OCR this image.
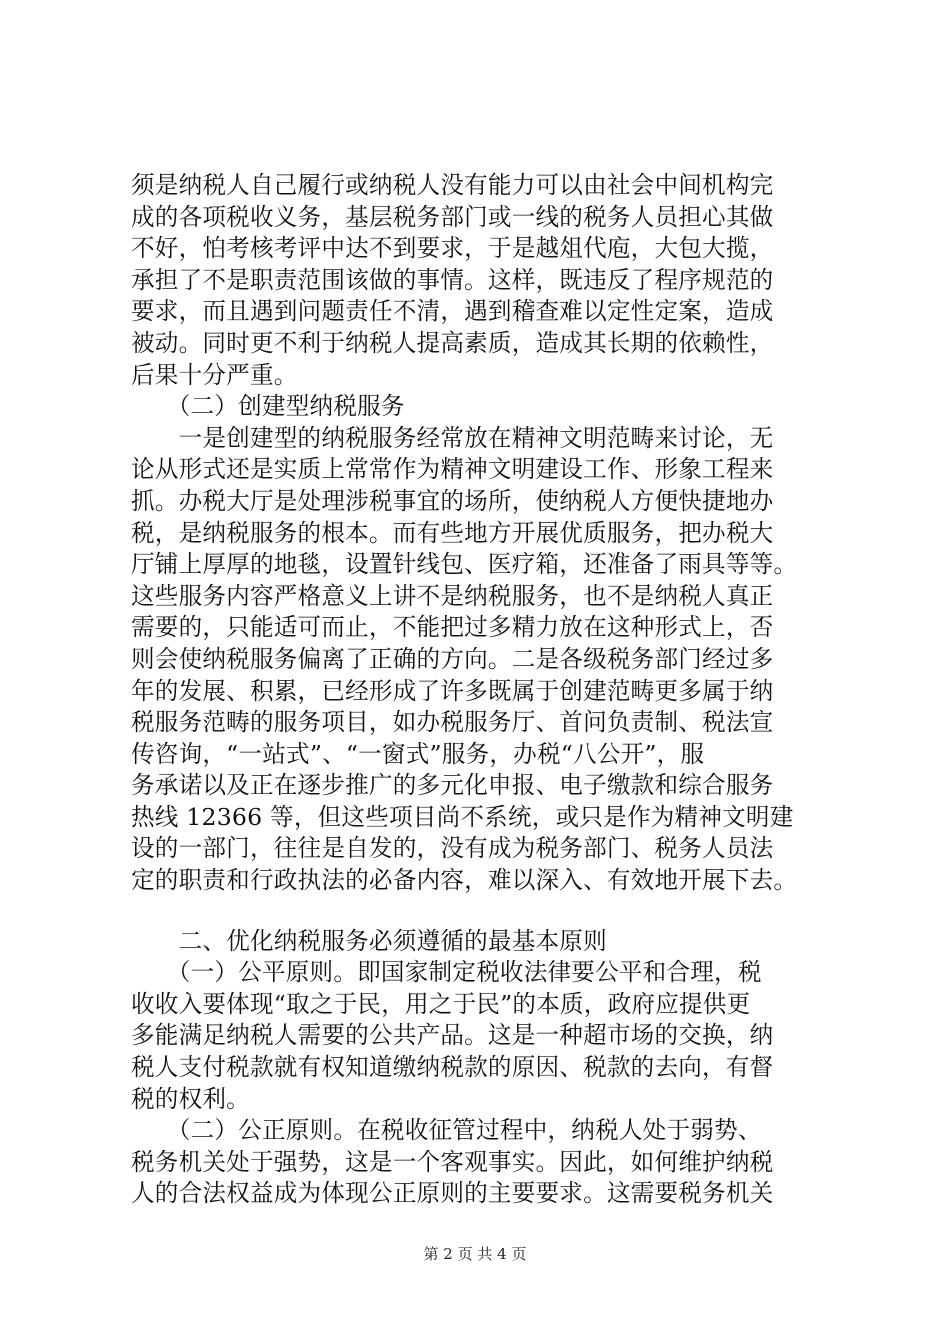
须是纳税人自己履行或纳税人没有能力可以由社会中间机构完
成的各项税收义务，基层税务部门或一线的税务人员担心其做
不好，怕考核考评中达不到要求，于是越俎代庖，大包大揽，
承担了不是职责范围该做的事情。这样，既违反了程序规范的
要求，而且遇到问题责任不清，遇到稽查难以定性定案，造成
被动。同时更不利于纳税人提高素质，造成其长期的依赖性，
后果十分严重。
　　（二）创建型纳税服务
　　一是创建型的纳税服务经常放在精神文明范畴来讨论，无
论从形式还是实质上常常作为精神文明建设工作、形象工程来
抓。办税大厅是处理涉税事宜的场所，使纳税人方便快捷地办
税，是纳税服务的根本。而有些地方开展优质服务，把办税大
厅铺上厚厚的地毯，设置针线包、医疗箱，还准备了雨具等等。
这些服务内容严格意义上讲不是纳税服务，也不是纳税人真正
需要的，只能适可而止，不能把过多精力放在这种形式上，否
则会使纳税服务偏离了正确的方向。二是各级税务部门经过多
年的发展、积累，已经形成了许多既属于创建范畴更多属于纳
税服务范畴的服务项目，如办税服务厅、首问负责制、税法宣
传咨询，“一站式”、“一窗式”服务，办税“八公开”，服
务承诺以及正在逐步推广的多元化申报、电子缴款和综合服务
热线 12366 等，但这些项目尚不系统，或只是作为精神文明建
设的一部门，往往是自发的，没有成为税务部门、税务人员法
定的职责和行政执法的必备内容，难以深入、有效地开展下去。
　　二、优化纳税服务必须遵循的最基本原则
　　（一）公平原则。即国家制定税收法律要公平和合理，税
收收入要体现“取之于民，用之于民”的本质，政府应提供更
多能满足纳税人需要的公共产品。这是一种超市场的交换，纳
税人支付税款就有权知道缴纳税款的原因、税款的去向，有督
税的权利。
　　（二）公正原则。在税收征管过程中，纳税人处于弱势、
税务机关处于强势，这是一个客观事实。因此，如何维护纳税
人的合法权益成为体现公正原则的主要要求。这需要税务机关
第 2 页 共 4 页
